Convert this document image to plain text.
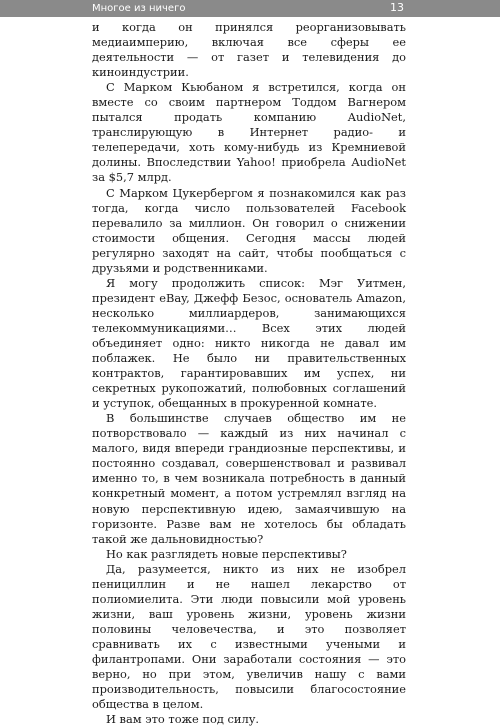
Многое из ничего	13

и когда он принялся реорганизовывать медиаимперию, включая все сферы ее деятельности — от газет и телевидения до киноиндустрии.

С Марком Кьюбаном я встретился, когда он вместе со своим партнером Тоддом Вагнером пытался продать компанию AudioNet, транслирующую в Интернет радио- и телепередачи, хоть кому-нибудь из Кремниевой долины. Впоследствии Yahoo! приобрела AudioNet за $5,7 млрд.

С Марком Цукербергом я познакомился как раз тогда, когда число пользователей Facebook перевалило за миллион. Он говорил о снижении стоимости общения. Сегодня массы людей регулярно заходят на сайт, чтобы пообщаться с друзьями и родственниками.

Я могу продолжить список: Мэг Уитмен, президент eBay, Джефф Безос, основатель Amazon, несколько миллиардеров, занимающихся телекоммуникациями… Всех этих людей объединяет одно: никто никогда не давал им поблажек. Не было ни правительственных контрактов, гарантировавших им успех, ни секретных рукопожатий, полюбовных соглашений и уступок, обещанных в прокуренной комнате.

В большинстве случаев общество им не потворствовало — каждый из них начинал с малого, видя впереди грандиозные перспективы, и постоянно создавал, совершенствовал и развивал именно то, в чем возникала потребность в данный конкретный момент, а потом устремлял взгляд на новую перспективную идею, замаячившую на горизонте. Разве вам не хотелось бы обладать такой же дальновидностью?

Но как разглядеть новые перспективы?

Да, разумеется, никто из них не изобрел пенициллин и не нашел лекарство от полиомиелита. Эти люди повысили мой уровень жизни, ваш уровень жизни, уровень жизни половины человечества, и это позволяет сравнивать их с известными учеными и филантропами. Они заработали состояния — это верно, но при этом, увеличив нашу с вами производительность, повысили благосостояние общества в целом.

И вам это тоже под силу.
